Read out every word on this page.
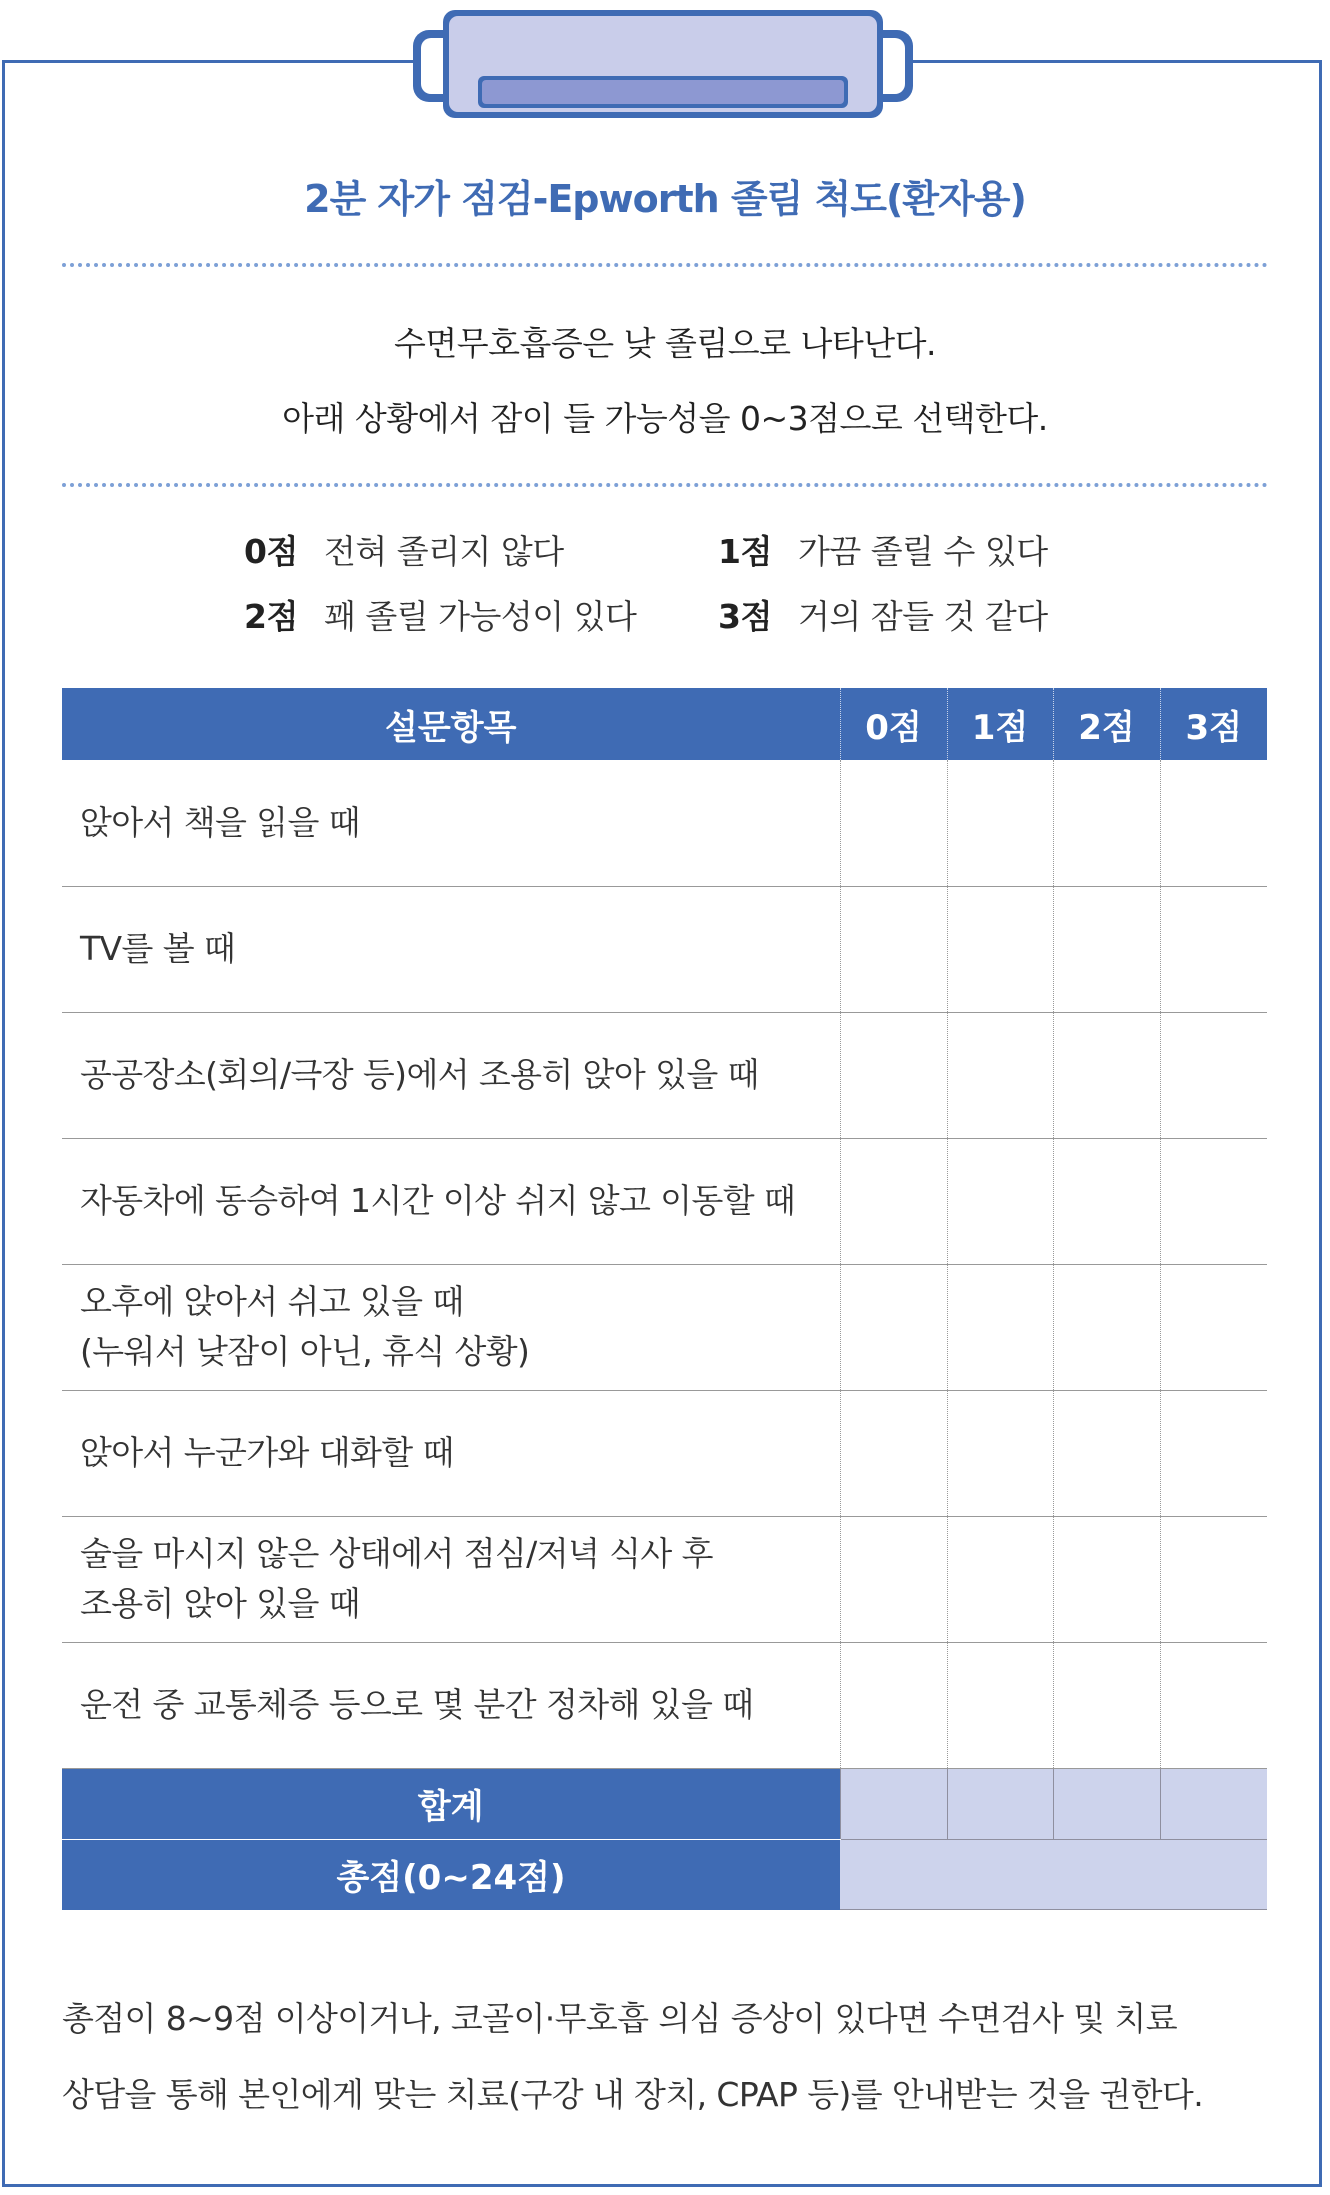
2분 자가 점검-Epworth 졸림 척도(환자용)
수면무호흡증은 낮 졸림으로 나타난다.
아래 상황에서 잠이 들 가능성을 0~3점으로 선택한다.
0점 전혀 졸리지 않다	1점 가끔 졸릴 수 있다
2점 꽤 졸릴 가능성이 있다 3점 거의 잠들 것 같다
설문항목	0점	1점	2점	3점

앉아서 책을 읽을 때				

TV를 볼 때				

공공장소(회의/극장 등)에서 조용히 앉아 있을 때				

자동차에 동승하여 1시간 이상 쉬지 않고 이동할 때				

오후에 앉아서 쉬고 있을 때
(누워서 낮잠이 아닌, 휴식 상황)				

앉아서 누군가와 대화할 때				

술을 마시지 않은 상태에서 점심/저녁 식사 후
조용히 앉아 있을 때				

운전 중 교통체증 등으로 몇 분간 정차해 있을 때				

합계				
총점(0~24점)				
총점이 8~9점 이상이거나, 코골이·무호흡 의심 증상이 있다면 수면검사 및 치료
상담을 통해 본인에게 맞는 치료(구강 내 장치, CPAP 등)를 안내받는 것을 권한다.
